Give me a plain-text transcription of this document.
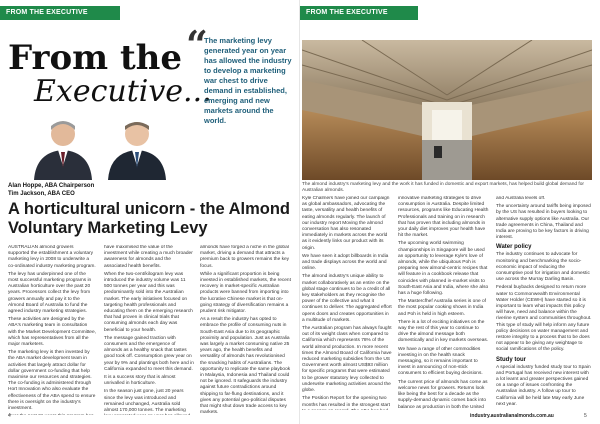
FROM THE EXECUTIVE	FROM THE EXECUTIVE
From the
Executive...
“
The marketing levy generated year on year has allowed the industry to develop a marketing war chest to drive demand in established, emerging and new markets around the world.
Alan Hoppe, ABA Chairperson
Tim Jackson, ABA CEO
A horticultural unicorn - the Almond Voluntary Marketing Levy

AUSTRALIAN almond growers supported the establishment a voluntary marketing levy in 2008 to underwrite a co-ordinated industry marketing program.

The levy has underpinned one of the most successful marketing programs in Australian horticulture over the past 20 years. Processors collect the levy from growers annually and pay it to the Almond Board of Australia to fund the agreed industry marketing strategies.

These activities are designed by the ABA's marketing team in consultation with the Market Development Committee, which has representatives from all the major marketers.

The marketing levy is then invested by the ABA market development team in activities that largely attract dollar for dollar government co-funding that help maximise our resources and strategies. The co-funding is administered through Hort Innovation who also evaluate the effectiveness of the ABA spend to ensure there is oversight on the industry's investment.

have maximised the value of the investment while creating a much broader awareness for almonds and the associated health benefits.

When the two-cent/kilogram levy was introduced the industry volume was 11 500 tonnes per year and this was predominantly sold into the Australian market. The early initiatives focused on targeting health professionals and educating them on the emerging research that had proven in clinical trials that consuming almonds each day was beneficial to your health.

The message gained traction with consumers and the emergence of almonds as a healthy snack that tastes good took off. Consumption grew year on year by 9% and plantings both here and in California expanded to meet this demand.

It is a success story that is almost unrivalled in horticulture.

In the season just gone, just 20 years since the levy was introduced and remained unchanged, Australia sold almost 170,000 tonnes. The marketing

almonds have forged a niche in the global market, driving a demand that attracts a premium back to growers remains the key focus.

While a significant proportion is being invested in established markets, the recent recovery in market-specific Australian products were banned from importing into the lucrative Chinese market is that on-going strategy of diversification remains a prudent risk mitigator.

As a result the industry has opted to embrace the profile of consuming nuts in South-East Asia due to its geographic proximity and population. Just as Australia was largely a market consuming native 25 years ago, the health benefits and versatility of almonds has revolutionised the snacking habits of Australians. The opportunity to replicate the same playbook in Malaysia, Indonesia and Thailand could not be ignored. It safeguards the industry against future contradictions around shipping to far-flung destinations, and it gives any potential geo-political disputes that might shut down trade access to key markets.

The almond industry's marketing levy and the work it has funded in domestic and export markets, has helped build global demand for Australian almonds.

Kyle Chalmers have joined our campaign as global ambassadors, advocating the taste, versatility and health benefits of eating almonds regularly. The launch of our industry report Moving the almond conversation has also resonated immediately in markets across the world as it evidently links our product with its origin.

We have seen it adopt billboards in India and trade displays across the world and online.

The almond industry's unique ability to market collaboratively as an entire on the global stage continues to be a credit of all key stakeholders as they recognise the power of the collective and what it continues to deliver. The aggregated effort opens doors and creates opportunities in a multitude of markets.

The Australian program has always fought out of its weight class when compared to California which represents 78% of the world almond production. In more recent times the Almond Board of California have reduced marketing subsidies from the US Government worth almost US$93 million for specific programs that were estimated to be grower statutory levy collected to underwrite marketing activities around the globe.

The Position Report for the opening two months has resulted in the strongest start

innovative marketing strategies to drive consumption in Australia. Despite limited resources, programs like Educating Health Professionals and training on in research that has proven that including almonds in your daily diet improves your health have hit the market.

The upcoming world swimming championships in Singapore will be used an opportunity to leverage Kyle's love of almonds, while the ubiquitous Poh is preparing new almond-centric recipes that will feature in a cookbook release that coincides with planned in-market visits to South-East Asia and India, where she also has a huge following.

The Mastercfhef Australia series is one of the most popular cooking shows in India and Poh is held in high esteem.

There is a lot of exciting initiatives on the way the rest of this year to continue to drive the almond message both domestically and in key markets overseas.

We have a range of other commodities investing in on the health snack messaging, so it remains important to invest in announcing of non-stick consumers to efficient buying decisions.

The current price of almonds has come as welcome news for growers. Returns look like being the best for a decade as the supply-demand dynamic comes back into balance as production in both the United

and Australia levels off.

The uncertainty around tariffs being imposed by the US has resulted in buyers looking to alternative supply options like Australia. Our trade agreements in China, Thailand and India are proving to be key factors in driving interest.

Water policy

The industry continues to advocate for monitoring and benchmarking the socio-economic impact of reducing the consumptive pool for irrigation and domestic use across the Murray Darling Basin.

Federal buybacks designed to return more water to Commonwealth Environmental Water Holder (CEWH) have started so it is important to learn what impacts this policy will have, need and balance within the riverine system and communities throughout. This type of study will help inform any future policy decisions on water management and restore integrity to a process that to be does not appear to be giving any weightage to social ramifications of the policy.

Study tour

A special industry funded study tour to Spain and Portugal has received new interest with a lot learnt and greater perspectives gained on a range of issues confronting the Australian industry. A follow up tour to California will be held late May early June next year.

4	industry.australianalmonds.com.au	5
